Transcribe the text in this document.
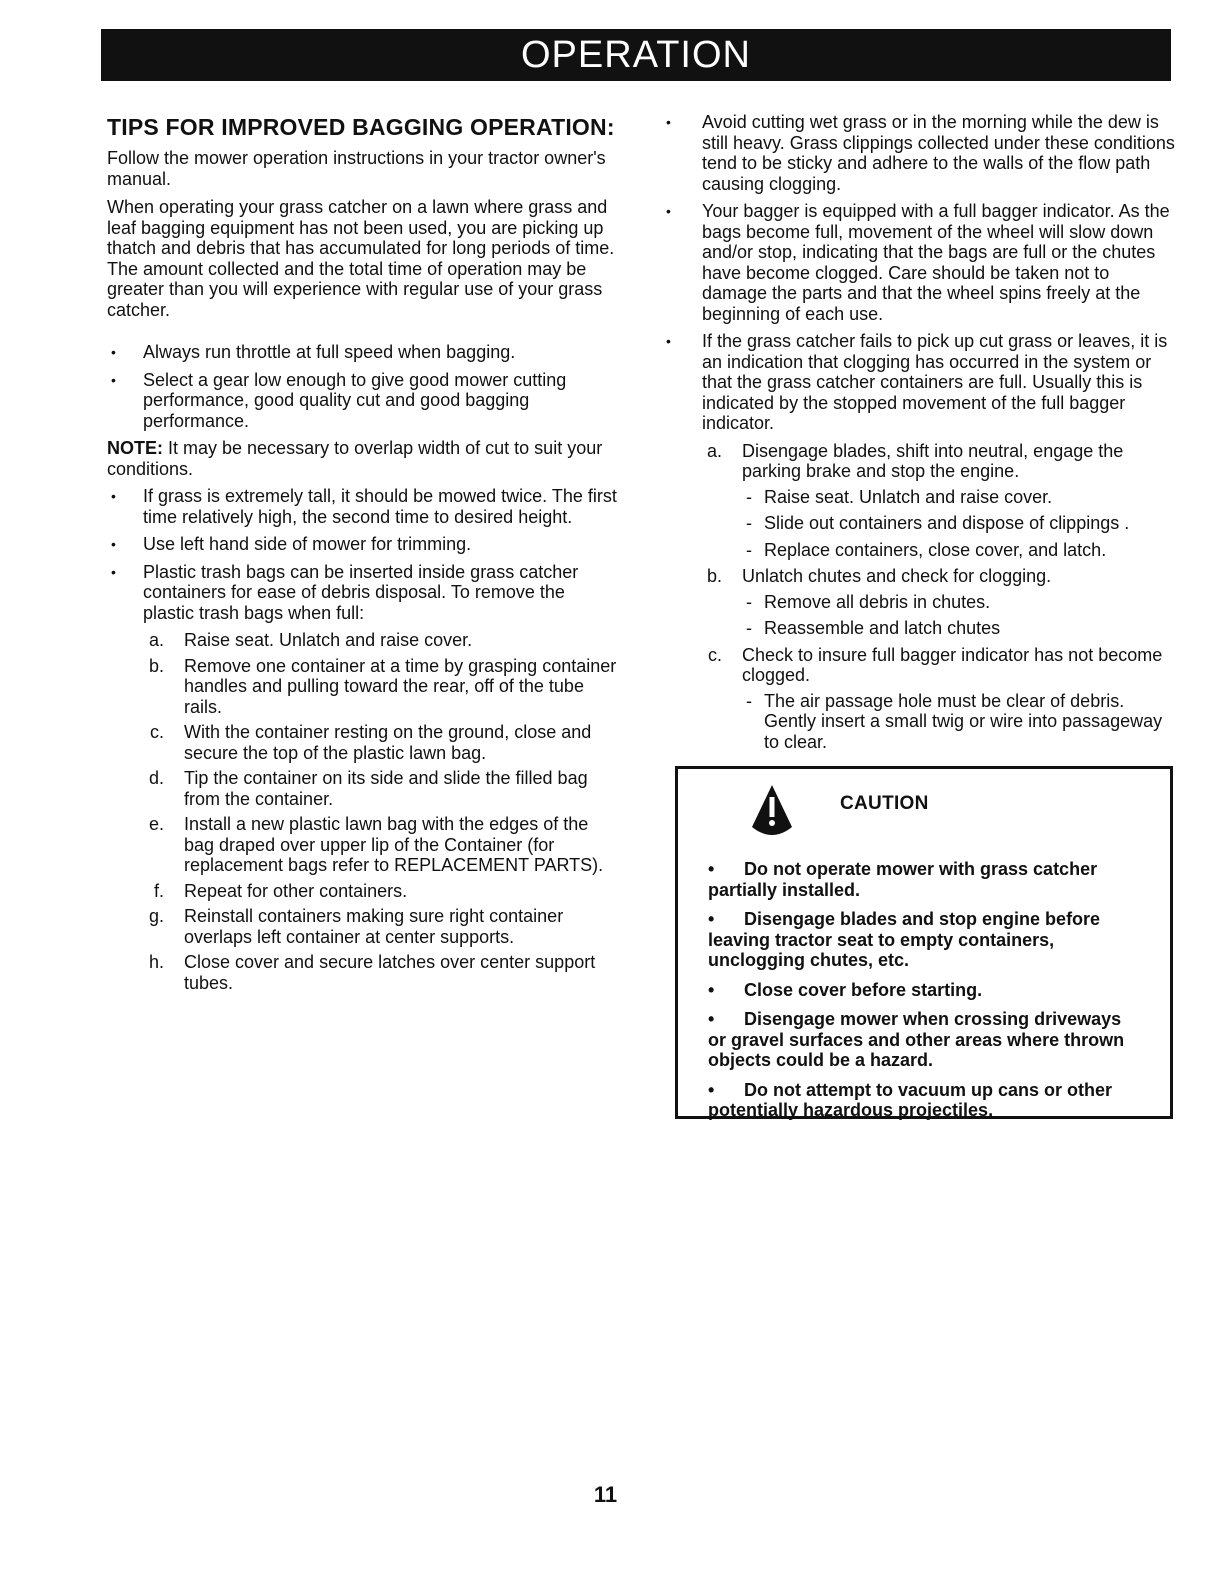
OPERATION
TIPS FOR IMPROVED BAGGING OPERATION:

Follow the mower operation instructions in your tractor owner's manual.

When operating your grass catcher on a lawn where grass and leaf bagging equipment has not been used, you are picking up thatch and debris that has accumulated for long periods of time. The amount collected and the total time of operation may be greater than you will experience with regular use of your grass catcher.

• Always run throttle at full speed when bagging.
• Select a gear low enough to give good mower cutting performance, good quality cut and good bagging performance.

NOTE: It may be necessary to overlap width of cut to suit your conditions.

• If grass is extremely tall, it should be mowed twice. The first time relatively high, the second time to desired height.
• Use left hand side of mower for trimming.
• Plastic trash bags can be inserted inside grass catcher containers for ease of debris disposal. To remove the plastic trash bags when full:
a.	Raise seat. Unlatch and raise cover.
b.	Remove one container at a time by grasping container handles and pulling toward the rear, off of the tube rails.
c.	With the container resting on the ground, close and secure the top of the plastic lawn bag.
d.	Tip the container on its side and slide the filled bag from the container.
e.	Install a new plastic lawn bag with the edges of the bag draped over upper lip of the Container (for replacement bags refer to REPLACEMENT PARTS).
f.	Repeat for other containers.
g.	Reinstall containers making sure right container overlaps left container at center supports.
h.	Close cover and secure latches over center support tubes.
• Avoid cutting wet grass or in the morning while the dew is still heavy. Grass clippings collected under these conditions tend to be sticky and adhere to the walls of the flow path causing clogging.
• Your bagger is equipped with a full bagger indicator. As the bags become full, movement of the wheel will slow down and/or stop, indicating that the bags are full or the chutes have become clogged. Care should be taken not to damage the parts and that the wheel spins freely at the beginning of each use.
• If the grass catcher fails to pick up cut grass or leaves, it is an indication that clogging has occurred in the system or that the grass catcher containers are full. Usually this is indicated by the stopped movement of the full bagger indicator.
a.	Disengage blades, shift into neutral, engage the parking brake and stop the engine.
- Raise seat. Unlatch and raise cover.
- Slide out containers and dispose of clippings .
- Replace containers, close cover, and latch.
b.	Unlatch chutes and check for clogging.
- Remove all debris in chutes.
- Reassemble and latch chutes
c.	Check to insure full bagger indicator has not become clogged.
- The air passage hole must be clear of debris. Gently insert a small twig or wire into passageway to clear.
CAUTION
• Do not operate mower with grass catcher partially installed.
• Disengage blades and stop engine before leaving tractor seat to empty containers, unclogging chutes, etc.
• Close cover before starting.
• Disengage mower when crossing driveways or gravel surfaces and other areas where thrown objects could be a hazard.
• Do not attempt to vacuum up cans or other potentially hazardous projectiles.
11
